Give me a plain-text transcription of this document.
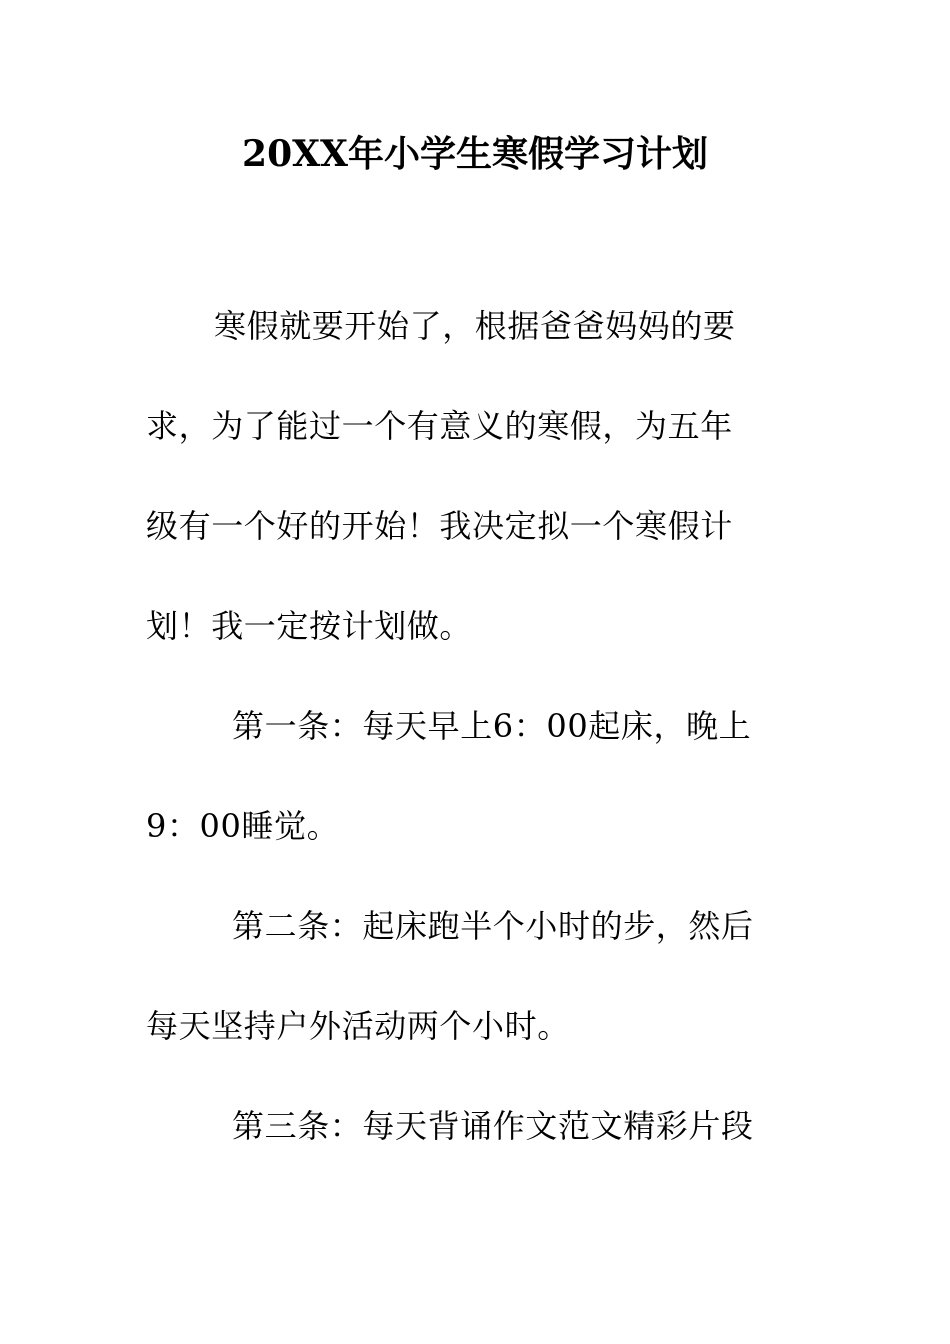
20XX年小学生寒假学习计划
寒假就要开始了，根据爸爸妈妈的要
求，为了能过一个有意义的寒假，为五年
级有一个好的开始！我决定拟一个寒假计
划！我一定按计划做。
第一条：每天早上6：00起床，晚上
9：00睡觉。
第二条：起床跑半个小时的步，然后
每天坚持户外活动两个小时。
第三条：每天背诵作文范文精彩片段
